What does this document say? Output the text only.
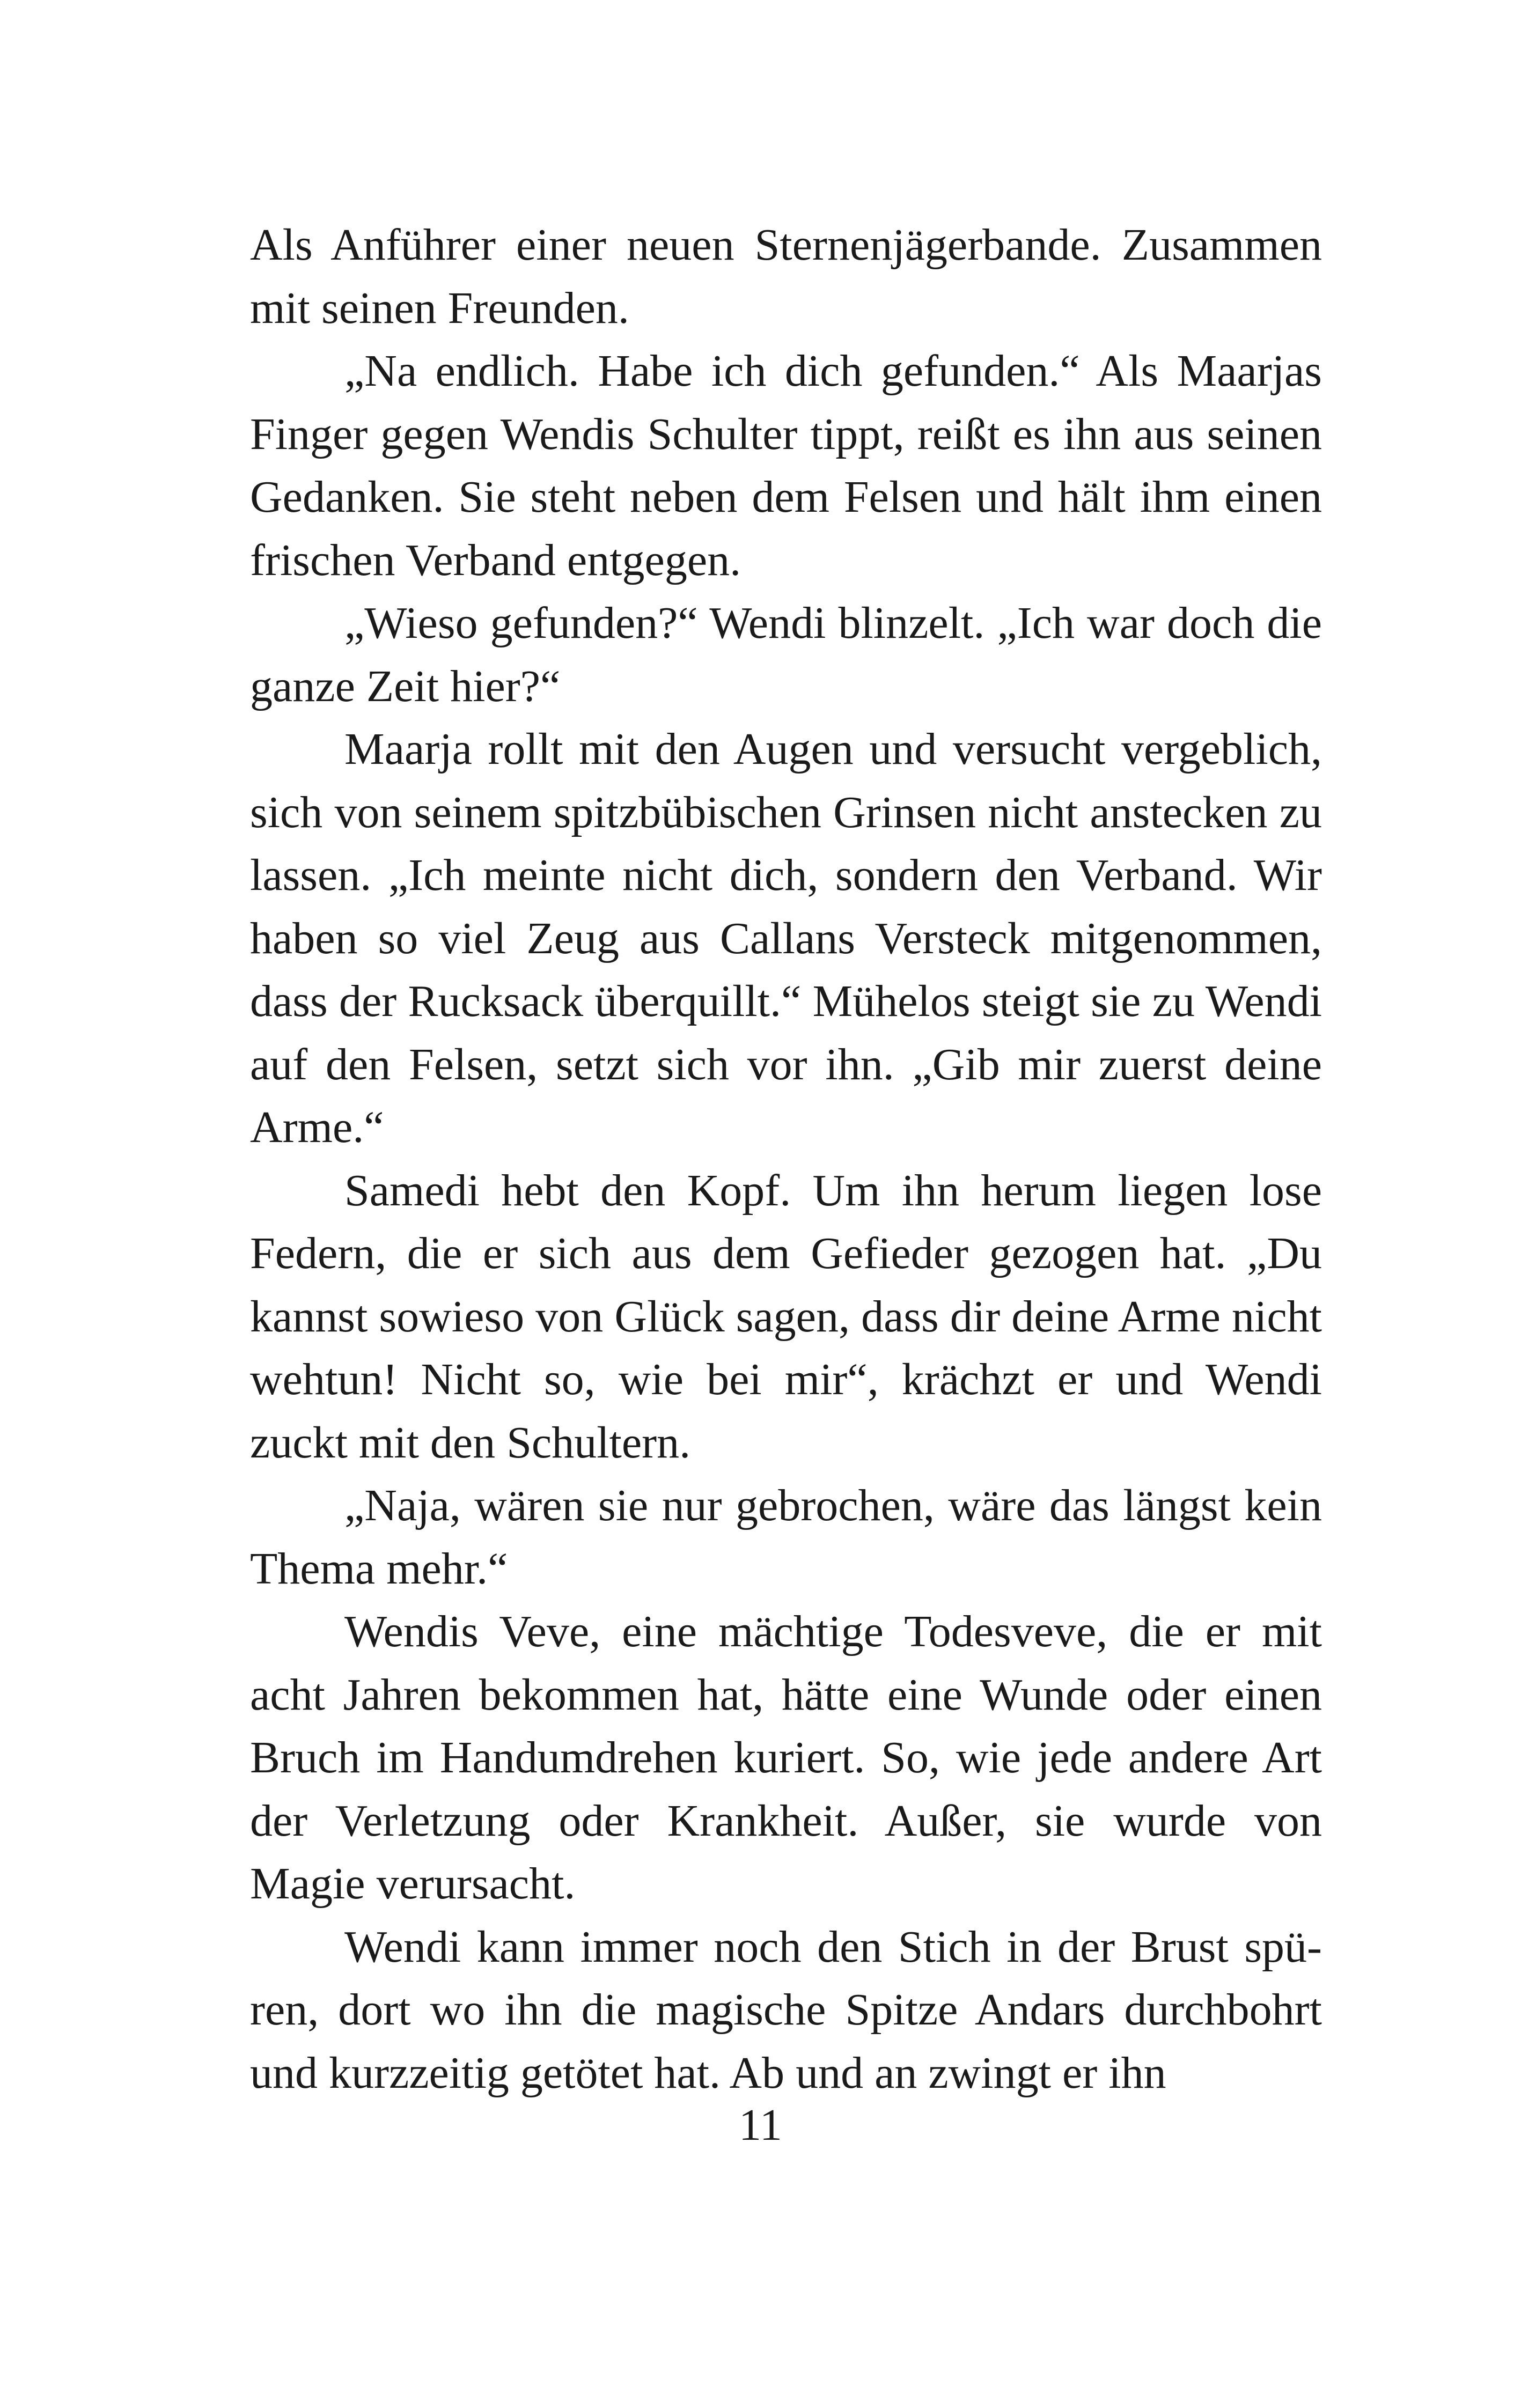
Als Anführer einer neuen Sternenjägerbande. Zusammen mit seinen Freunden.

„Na endlich. Habe ich dich gefunden.“ Als Maarjas Finger gegen Wendis Schulter tippt, reißt es ihn aus seinen Gedanken. Sie steht neben dem Felsen und hält ihm einen frischen Verband entgegen.

„Wieso gefunden?“ Wendi blinzelt. „Ich war doch die ganze Zeit hier?“

Maarja rollt mit den Augen und versucht vergeblich, sich von seinem spitzbübischen Grinsen nicht anstecken zu lassen. „Ich meinte nicht dich, sondern den Verband. Wir haben so viel Zeug aus Callans Versteck mitgenommen, dass der Rucksack überquillt.“ Mühelos steigt sie zu Wendi auf den Felsen, setzt sich vor ihn. „Gib mir zuerst deine Arme.“

Samedi hebt den Kopf. Um ihn herum liegen lose Federn, die er sich aus dem Gefieder gezogen hat. „Du kannst sowieso von Glück sagen, dass dir deine Arme nicht wehtun! Nicht so, wie bei mir“, krächzt er und Wendi zuckt mit den Schultern.

„Naja, wären sie nur gebrochen, wäre das längst kein Thema mehr.“

Wendis Veve, eine mächtige Todesveve, die er mit acht Jahren bekommen hat, hätte eine Wunde oder einen Bruch im Handumdrehen kuriert. So, wie jede andere Art der Verletzung oder Krankheit. Außer, sie wurde von Magie verursacht.

Wendi kann immer noch den Stich in der Brust spüren, dort wo ihn die magische Spitze Andars durchbohrt und kurzzeitig getötet hat. Ab und an zwingt er ihn

11
